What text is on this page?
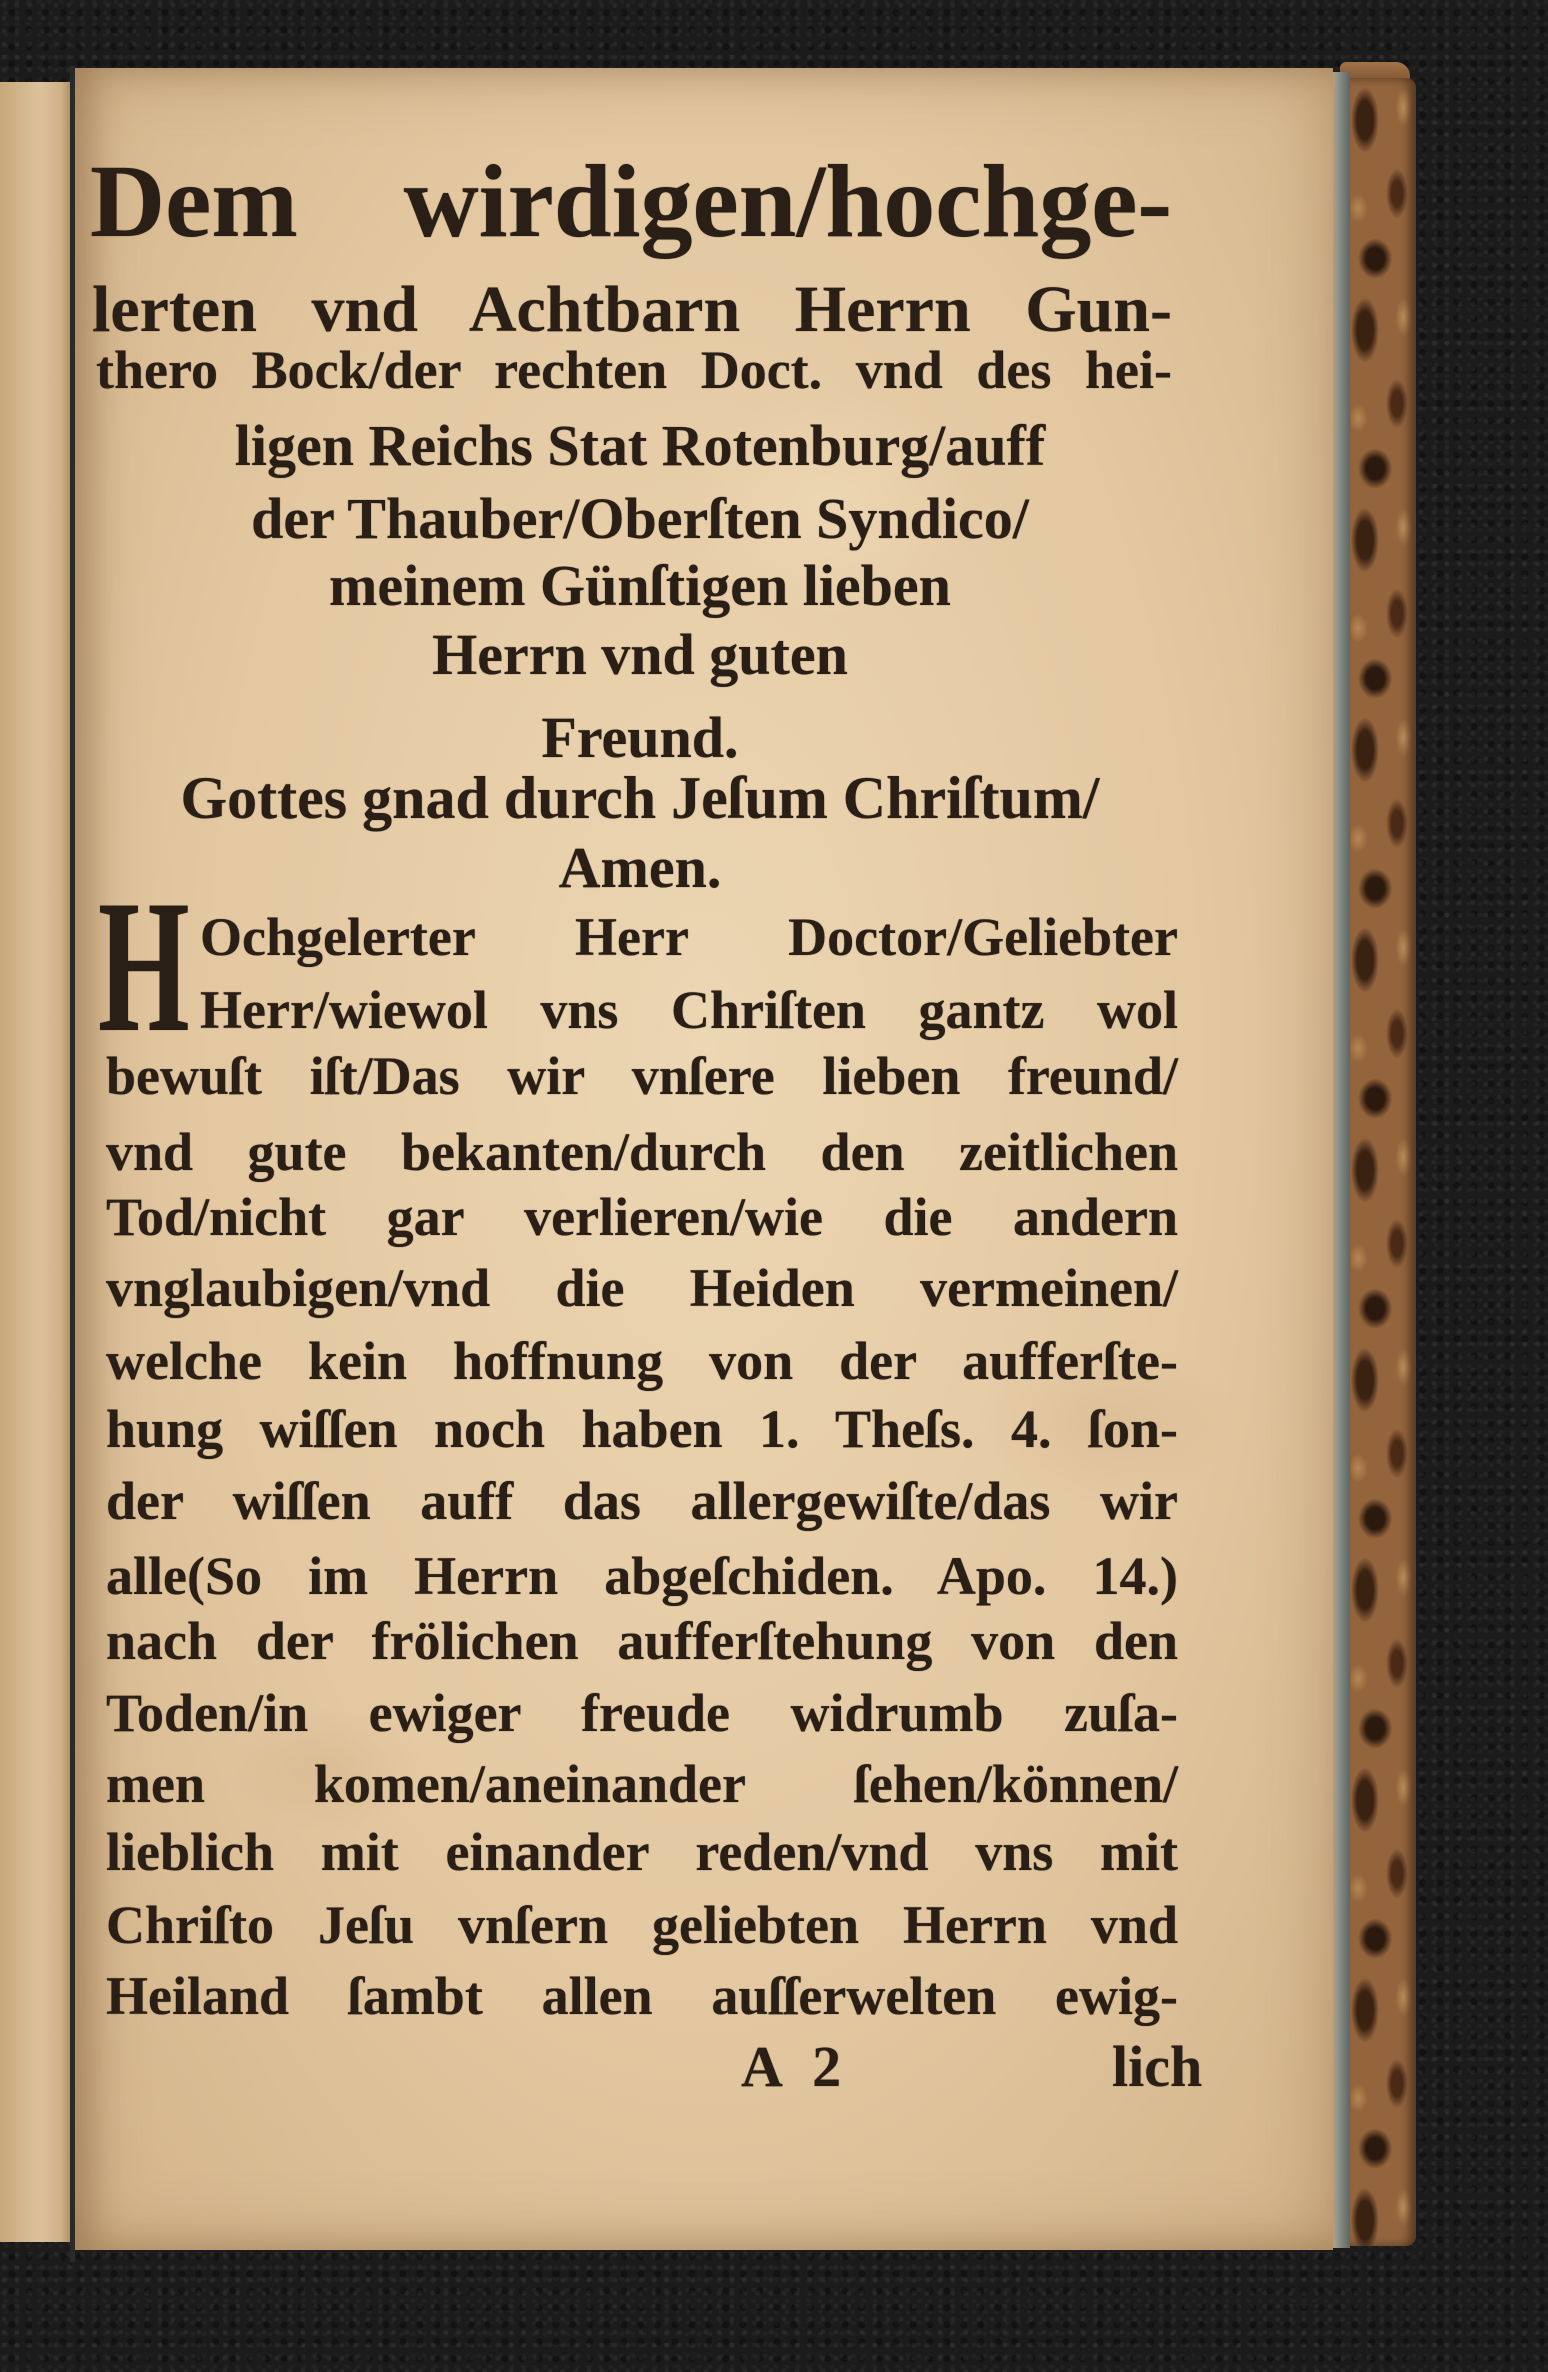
Dem wirdigen/hochge-
lerten vnd Achtbarn Herrn Gun-
thero Bock/der rechten Doct. vnd des hei-
ligen Reichs Stat Rotenburg/auff
der Thauber/Oberſten Syndico/
meinem Günſtigen lieben
Herrn vnd guten
Freund.
Gottes gnad durch Jeſum Chriſtum/
Amen.
H Ochgelerter Herr Doctor/Geliebter
Herr/wiewol vns Chriſten gantz wol
bewuſt iſt/Das wir vnſere lieben freund/
vnd gute bekanten/durch den zeitlichen
Tod/nicht gar verlieren/wie die andern
vnglaubigen/vnd die Heiden vermeinen/
welche kein hoffnung von der aufferſte-
hung wiſſen noch haben 1. Theſs. 4. ſon-
der wiſſen auff das allergewiſte/das wir
alle(So im Herrn abgeſchiden. Apo. 14.)
nach der frölichen aufferſtehung von den
Toden/in ewiger freude widrumb zuſa-
men komen/aneinander ſehen/können/
lieblich mit einander reden/vnd vns mit
Chriſto Jeſu vnſern geliebten Herrn vnd
Heiland ſambt allen auſſerwelten ewig-
A 2	lich
